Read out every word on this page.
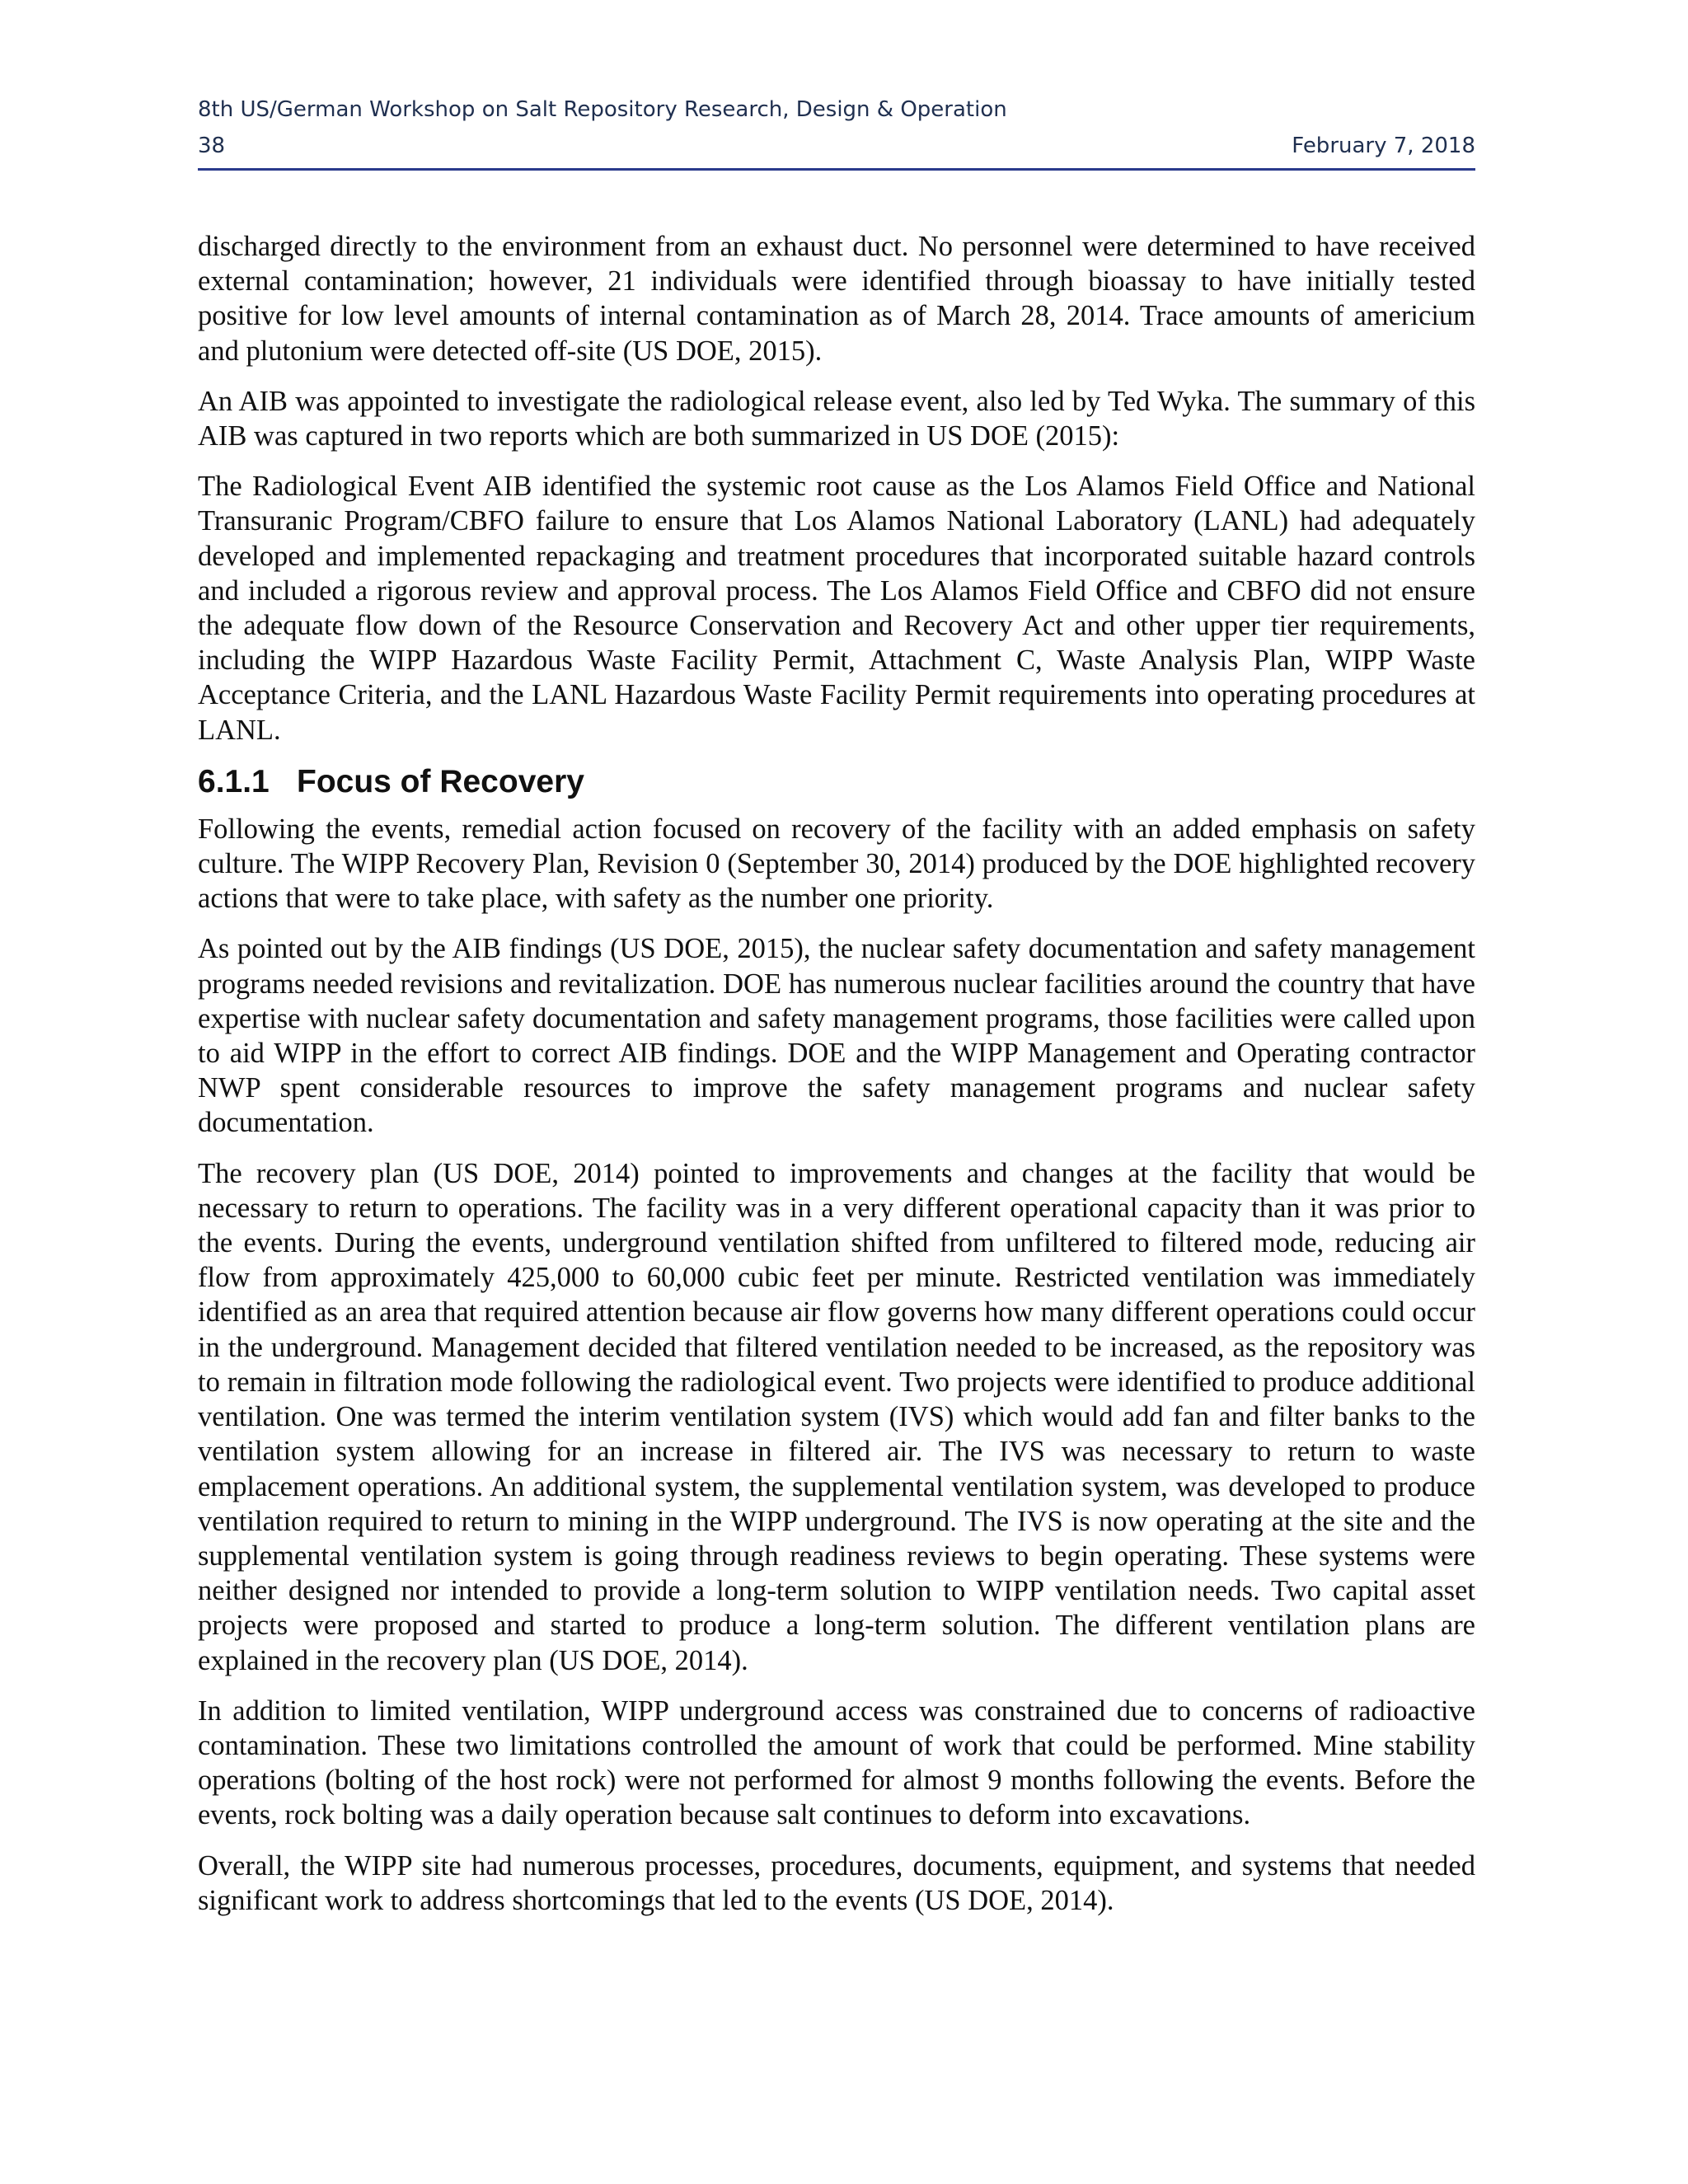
8th US/German Workshop on Salt Repository Research, Design & Operation
38	February 7, 2018

discharged directly to the environment from an exhaust duct. No personnel were determined to have received external contamination; however, 21 individuals were identified through bioassay to have initially tested positive for low level amounts of internal contamination as of March 28, 2014. Trace amounts of americium and plutonium were detected off-site (US DOE, 2015).

An AIB was appointed to investigate the radiological release event, also led by Ted Wyka. The summary of this AIB was captured in two reports which are both summarized in US DOE (2015):

The Radiological Event AIB identified the systemic root cause as the Los Alamos Field Office and National Transuranic Program/CBFO failure to ensure that Los Alamos National Laboratory (LANL) had adequately developed and implemented repackaging and treatment procedures that incorporated suitable hazard controls and included a rigorous review and approval process. The Los Alamos Field Office and CBFO did not ensure the adequate flow down of the Resource Conservation and Recovery Act and other upper tier requirements, including the WIPP Hazardous Waste Facility Permit, Attachment C, Waste Analysis Plan, WIPP Waste Acceptance Criteria, and the LANL Hazardous Waste Facility Permit requirements into operating procedures at LANL.

6.1.1 Focus of Recovery

Following the events, remedial action focused on recovery of the facility with an added emphasis on safety culture. The WIPP Recovery Plan, Revision 0 (September 30, 2014) produced by the DOE highlighted recovery actions that were to take place, with safety as the number one priority.

As pointed out by the AIB findings (US DOE, 2015), the nuclear safety documentation and safety management programs needed revisions and revitalization. DOE has numerous nuclear facilities around the country that have expertise with nuclear safety documentation and safety management programs, those facilities were called upon to aid WIPP in the effort to correct AIB findings. DOE and the WIPP Management and Operating contractor NWP spent considerable resources to improve the safety management programs and nuclear safety documentation.

The recovery plan (US DOE, 2014) pointed to improvements and changes at the facility that would be necessary to return to operations. The facility was in a very different operational capacity than it was prior to the events. During the events, underground ventilation shifted from unfiltered to filtered mode, reducing air flow from approximately 425,000 to 60,000 cubic feet per minute. Restricted ventilation was immediately identified as an area that required attention because air flow governs how many different operations could occur in the underground. Management decided that filtered ventilation needed to be increased, as the repository was to remain in filtration mode following the radiological event. Two projects were identified to produce additional ventilation. One was termed the interim ventilation system (IVS) which would add fan and filter banks to the ventilation system allowing for an increase in filtered air. The IVS was necessary to return to waste emplacement operations. An additional system, the supplemental ventilation system, was developed to produce ventilation required to return to mining in the WIPP underground. The IVS is now operating at the site and the supplemental ventilation system is going through readiness reviews to begin operating. These systems were neither designed nor intended to provide a long-term solution to WIPP ventilation needs. Two capital asset projects were proposed and started to produce a long-term solution. The different ventilation plans are explained in the recovery plan (US DOE, 2014).

In addition to limited ventilation, WIPP underground access was constrained due to concerns of radioactive contamination. These two limitations controlled the amount of work that could be performed. Mine stability operations (bolting of the host rock) were not performed for almost 9 months following the events. Before the events, rock bolting was a daily operation because salt continues to deform into excavations.

Overall, the WIPP site had numerous processes, procedures, documents, equipment, and systems that needed significant work to address shortcomings that led to the events (US DOE, 2014).
